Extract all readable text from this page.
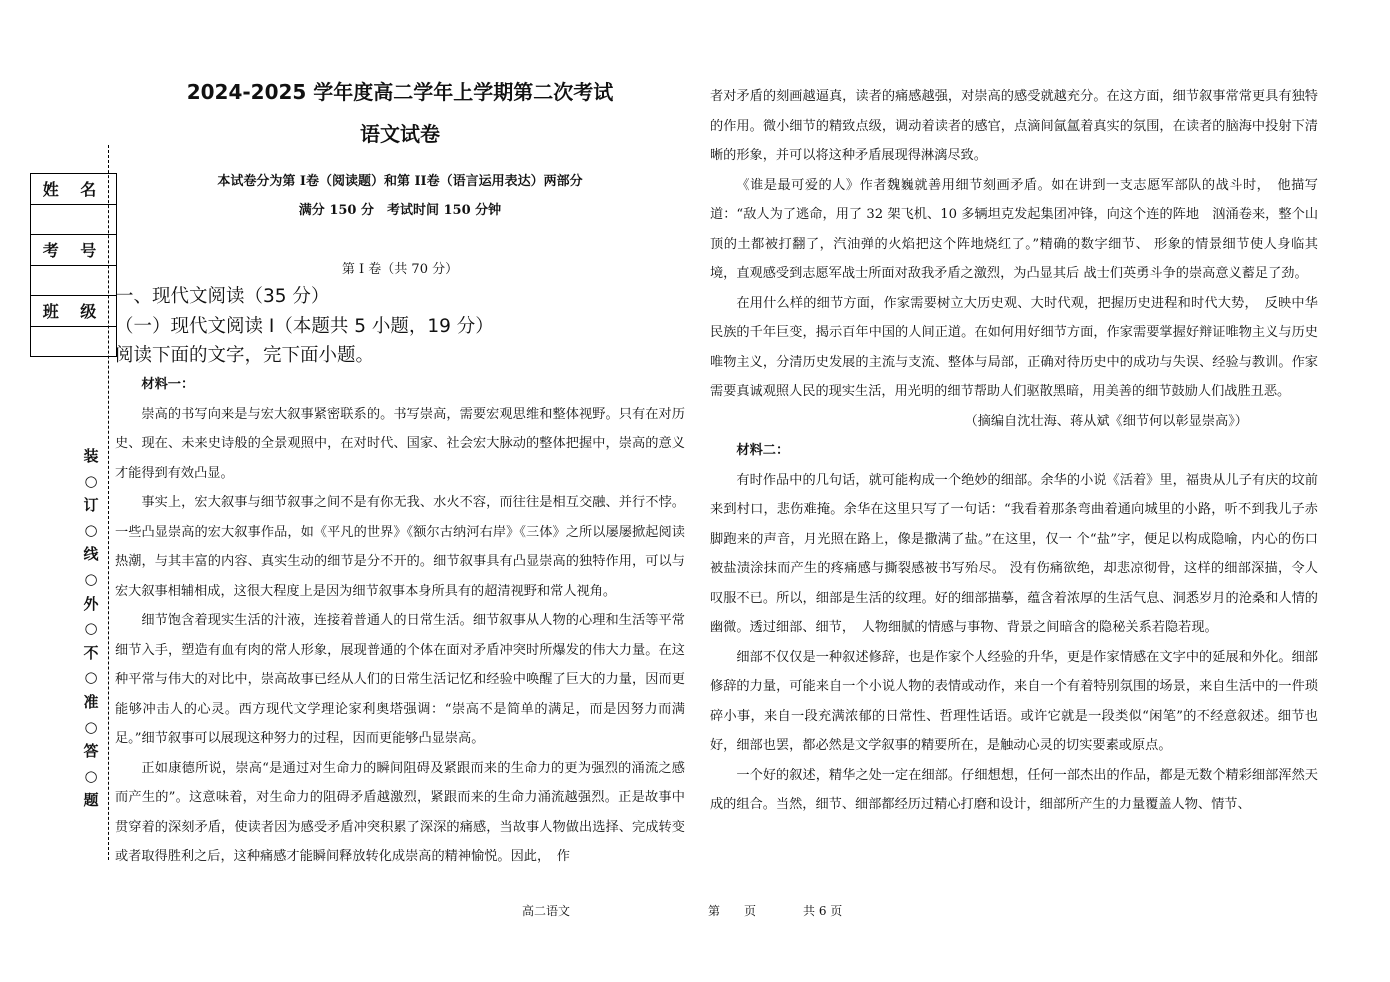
2024-2025 学年度高二学年上学期第二次考试
语文试卷
本试卷分为第 I卷（阅读题）和第 II卷（语言运用表达）两部分
满分 150 分　考试时间 150 分钟
第 I 卷（共 70 分）
姓 名

考 号

班 级

装
○
订
○
线
○
外
○
不
○
准
○
答
○
题
一、现代文阅读（35 分）
（一）现代文阅读 I（本题共 5 小题，19 分）
阅读下面的文字，完下面小题。

材料一：

崇高的书写向来是与宏大叙事紧密联系的。书写崇高，需要宏观思维和整体视野。只有在对历史、现在、未来史诗般的全景观照中，在对时代、国家、社会宏大脉动的整体把握中，崇高的意义才能得到有效凸显。

事实上，宏大叙事与细节叙事之间不是有你无我、水火不容，而往往是相互交融、并行不悖。一些凸显崇高的宏大叙事作品，如《平凡的世界》《额尔古纳河右岸》《三体》之所以屡屡掀起阅读热潮，与其丰富的内容、真实生动的细节是分不开的。细节叙事具有凸显崇高的独特作用，可以与宏大叙事相辅相成，这很大程度上是因为细节叙事本身所具有的超清视野和常人视角。

细节饱含着现实生活的汁液，连接着普通人的日常生活。细节叙事从人物的心理和生活等平常细节入手，塑造有血有肉的常人形象，展现普通的个体在面对矛盾冲突时所爆发的伟大力量。在这种平常与伟大的对比中，崇高故事已经从人们的日常生活记忆和经验中唤醒了巨大的力量，因而更能够冲击人的心灵。西方现代文学理论家利奥塔强调：“崇高不是简单的满足，而是因努力而满足。”细节叙事可以展现这种努力的过程，因而更能够凸显崇高。

正如康德所说，崇高“是通过对生命力的瞬间阻碍及紧跟而来的生命力的更为强烈的涌流之感而产生的”。这意味着，对生命力的阻碍矛盾越激烈，紧跟而来的生命力涌流越强烈。正是故事中贯穿着的深刻矛盾，使读者因为感受矛盾冲突积累了深深的痛感，当故事人物做出选择、完成转变或者取得胜利之后，这种痛感才能瞬间释放转化成崇高的精神愉悦。因此，　作

者对矛盾的刻画越逼真，读者的痛感越强，对崇高的感受就越充分。在这方面，细节叙事常常更具有独特的作用。微小细节的精致点级，调动着读者的感官，点滴间氤氲着真实的氛围，在读者的脑海中投射下清晰的形象，并可以将这种矛盾展现得淋漓尽致。

《谁是最可爱的人》作者魏巍就善用细节刻画矛盾。如在讲到一支志愿军部队的战斗时，　他描写道：“敌人为了逃命，用了 32 架飞机、10 多辆坦克发起集团冲锋，向这个连的阵地　汹涌卷来，整个山顶的土都被打翻了，汽油弹的火焰把这个阵地烧红了。”精确的数字细节、 形象的情景细节使人身临其境，直观感受到志愿军战士所面对敌我矛盾之激烈，为凸显其后 战士们英勇斗争的崇高意义蓄足了劲。

在用什么样的细节方面，作家需要树立大历史观、大时代观，把握历史进程和时代大势，　反映中华民族的千年巨变，揭示百年中国的人间正道。在如何用好细节方面，作家需要掌握好辩证唯物主义与历史唯物主义，分清历史发展的主流与支流、整体与局部，正确对待历史中的成功与失误、经验与教训。作家需要真诚观照人民的现实生活，用光明的细节帮助人们驱散黑暗，用美善的细节鼓励人们战胜丑恶。

（摘编自沈壮海、蒋从斌《细节何以彰显崇高》）

材料二：

有时作品中的几句话，就可能构成一个绝妙的细部。余华的小说《活着》里，福贵从儿子有庆的坟前来到村口，悲伤难掩。余华在这里只写了一句话：“我看着那条弯曲着通向城里的小路，听不到我儿子赤脚跑来的声音，月光照在路上，像是撒满了盐。”在这里，仅一 个“盐”字，便足以构成隐喻，内心的伤口被盐渍涂抹而产生的疼痛感与撕裂感被书写殆尽。 没有伤痛欲绝，却悲凉彻骨，这样的细部深描，令人叹服不已。所以，细部是生活的纹理。好的细部描摹，蕴含着浓厚的生活气息、洞悉岁月的沧桑和人情的幽微。透过细部、细节，　人物细腻的情感与事物、背景之间暗含的隐秘关系若隐若现。

细部不仅仅是一种叙述修辞，也是作家个人经验的升华，更是作家情感在文字中的延展和外化。细部修辞的力量，可能来自一个小说人物的表情或动作，来自一个有着特别氛围的场景，来自生活中的一件琐碎小事，来自一段充满浓郁的日常性、哲理性话语。或许它就是一段类似“闲笔”的不经意叙述。细节也好，细部也罢，都必然是文学叙事的精要所在，是触动心灵的切实要素或原点。

一个好的叙述，精华之处一定在细部。仔细想想，任何一部杰出的作品，都是无数个精彩细部浑然天成的组合。当然，细节、细部都经历过精心打磨和设计，细部所产生的力量覆盖人物、情节、

高二语文	第　　页	共 6 页
